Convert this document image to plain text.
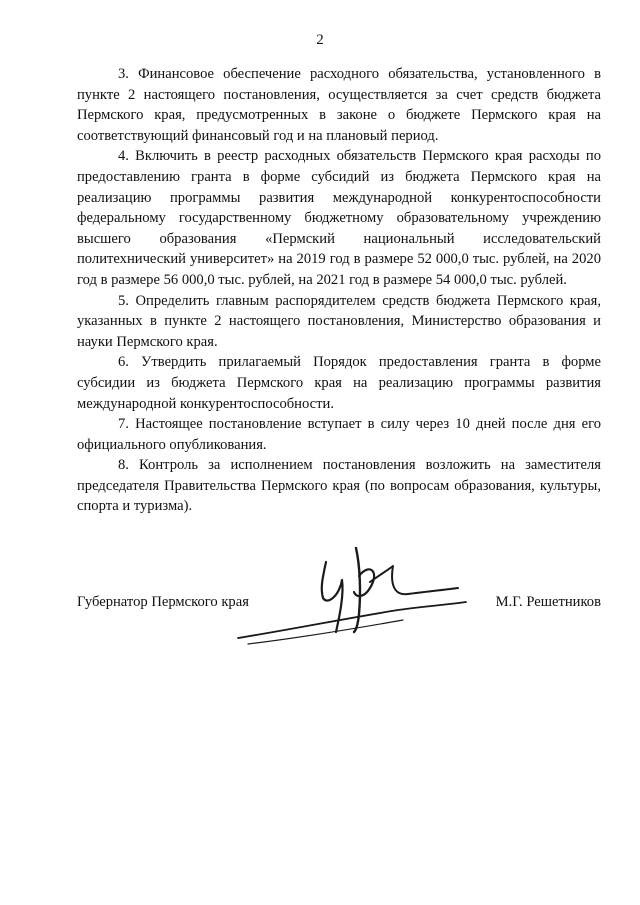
2

3. Финансовое обеспечение расходного обязательства, установленного в пункте 2 настоящего постановления, осуществляется за счет средств бюджета Пермского края, предусмотренных в законе о бюджете Пермского края на соответствующий финансовый год и на плановый период.

4. Включить в реестр расходных обязательств Пермского края расходы по предоставлению гранта в форме субсидий из бюджета Пермского края на реализацию программы развития международной конкурентоспособности федеральному государственному бюджетному образовательному учреждению высшего образования «Пермский национальный исследовательский политехнический университет» на 2019 год в размере 52 000,0 тыс. рублей, на 2020 год в размере 56 000,0 тыс. рублей, на 2021 год в размере 54 000,0 тыс. рублей.

5. Определить главным распорядителем средств бюджета Пермского края, указанных в пункте 2 настоящего постановления, Министерство образования и науки Пермского края.

6. Утвердить прилагаемый Порядок предоставления гранта в форме субсидии из бюджета Пермского края на реализацию программы развития международной конкурентоспособности.

7. Настоящее постановление вступает в силу через 10 дней после дня его официального опубликования.

8. Контроль за исполнением постановления возложить на заместителя председателя Правительства Пермского края (по вопросам образования, культуры, спорта и туризма).

Губернатор Пермского края	М.Г. Решетников
